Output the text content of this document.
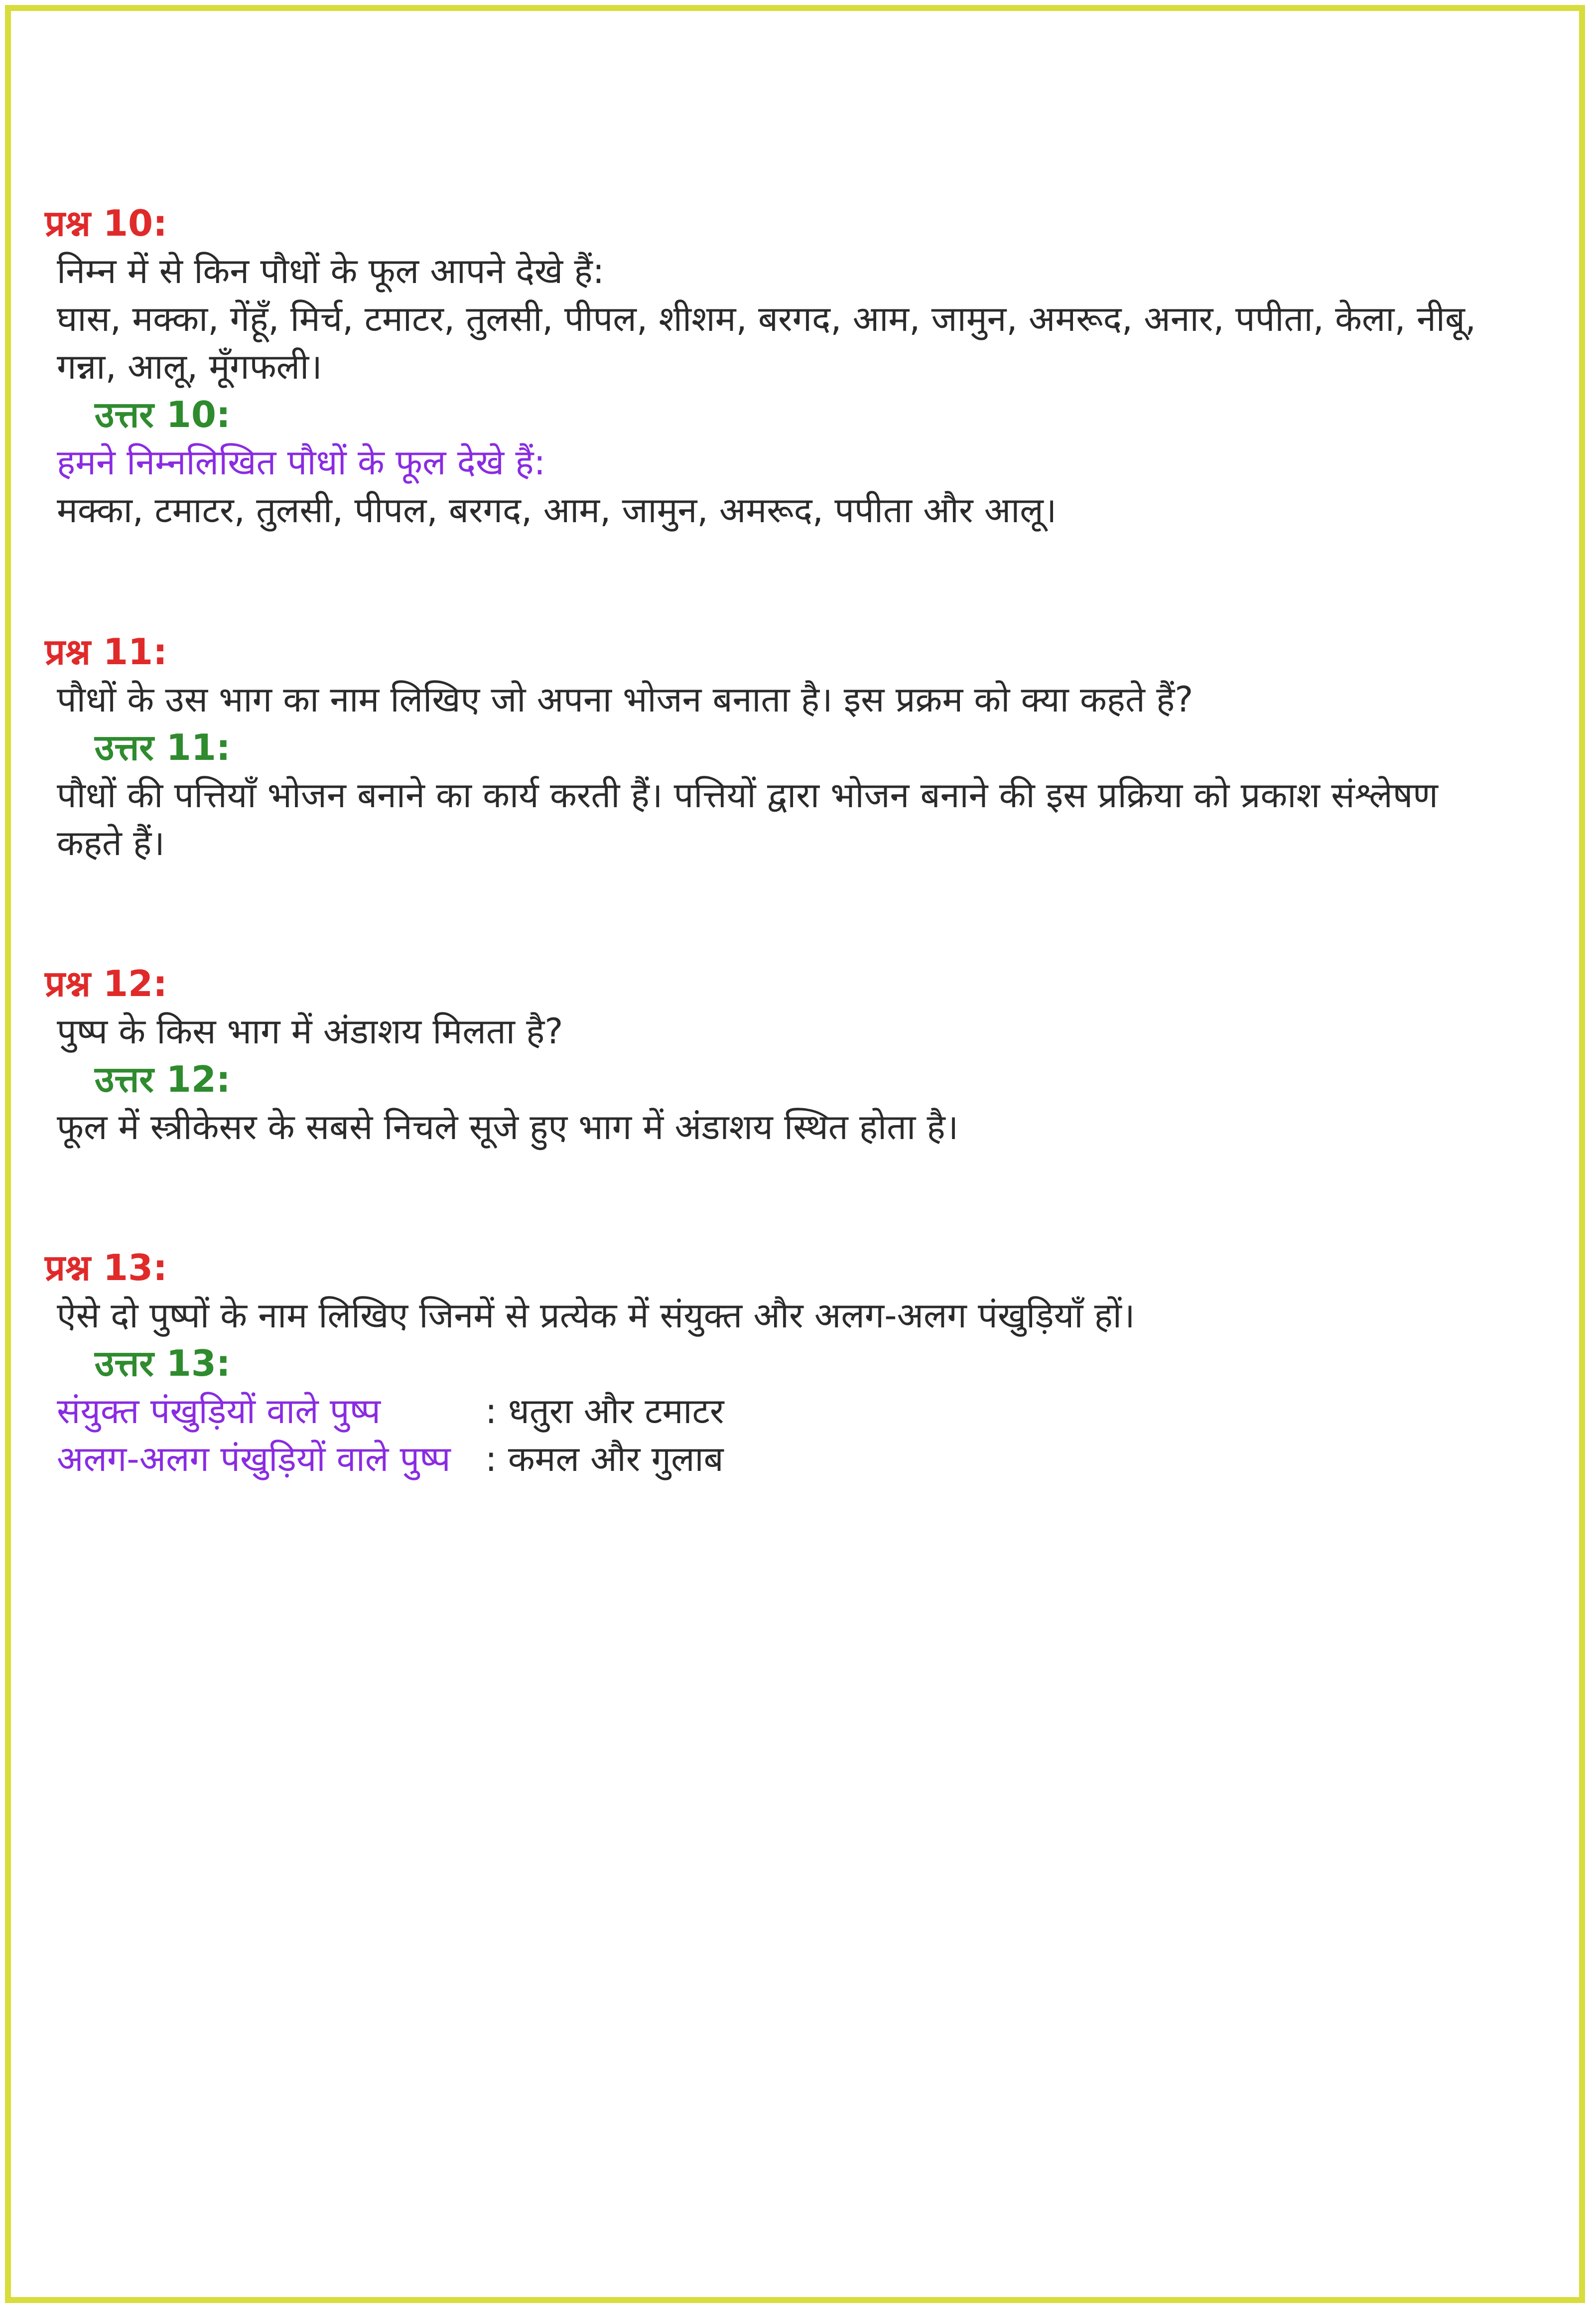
प्रश्न 10:

निम्न में से किन पौधों के फूल आपने देखे हैं:

घास, मक्का, गेंहूँ, मिर्च, टमाटर, तुलसी, पीपल, शीशम, बरगद, आम, जामुन, अमरूद, अनार, पपीता, केला, नीबू,

गन्ना, आलू, मूँगफली।

उत्तर 10:

हमने निम्नलिखित पौधों के फूल देखे हैं:

मक्का, टमाटर, तुलसी, पीपल, बरगद, आम, जामुन, अमरूद, पपीता और आलू।

प्रश्न 11:

पौधों के उस भाग का नाम लिखिए जो अपना भोजन बनाता है। इस प्रक्रम को क्या कहते हैं?

उत्तर 11:

पौधों की पत्तियाँ भोजन बनाने का कार्य करती हैं। पत्तियों द्वारा भोजन बनाने की इस प्रक्रिया को प्रकाश संश्लेषण

कहते हैं।

प्रश्न 12:

पुष्प के किस भाग में अंडाशय मिलता है?

उत्तर 12:

फूल में स्त्रीकेसर के सबसे निचले सूजे हुए भाग में अंडाशय स्थित होता है।

प्रश्न 13:

ऐसे दो पुष्पों के नाम लिखिए जिनमें से प्रत्येक में संयुक्त और अलग-अलग पंखुड़ियाँ हों।

उत्तर 13:

संयुक्त पंखुड़ियों वाले पुष्प	: धतुरा और टमाटर
अलग-अलग पंखुड़ियों वाले पुष्प : कमल और गुलाब
